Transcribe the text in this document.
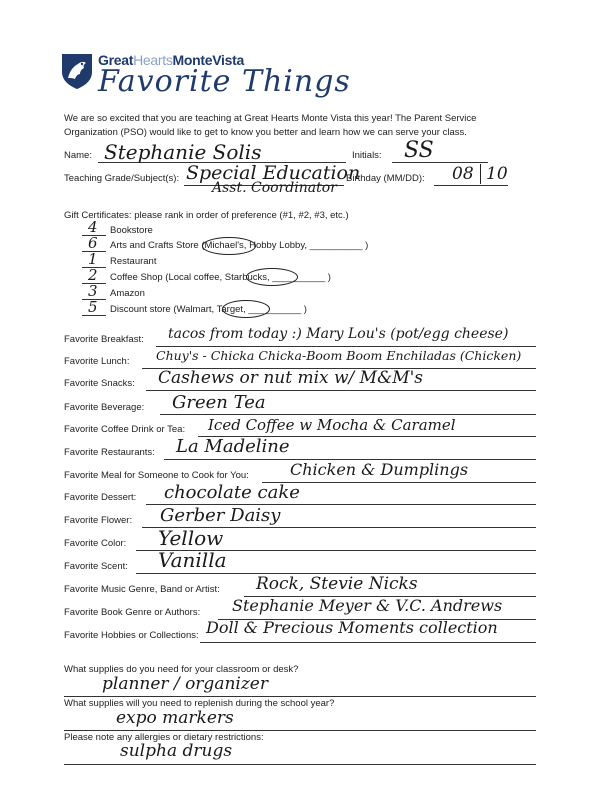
GreatHeartsMonteVista
Favorite Things
We are so excited that you are teaching at Great Hearts Monte Vista this year! The Parent Service Organization (PSO) would like to get to know you better and learn how we can serve your class.
Name: Stephanie Solis	Initials: SS
Teaching Grade/Subject(s): Special Education
Asst. Coordinator
Birthday (MM/DD): 08 10
Gift Certificates: please rank in order of preference (#1, #2, #3, etc.)
4 Bookstore
6 Arts and Crafts Store (Michael's, Hobby Lobby, __________ )
1 Restaurant
2 Coffee Shop (Local coffee, Starbucks, __________ )
3 Amazon
5 Discount store (Walmart, Target, __________ )
Favorite Breakfast: tacos from today :) Mary Lou's (pot/egg cheese)
Favorite Lunch: Chuy's - Chicka Chicka-Boom Boom Enchiladas (Chicken)
Favorite Snacks: Cashews or nut mix w/ M&M's
Favorite Beverage: Green Tea
Favorite Coffee Drink or Tea: Iced Coffee w Mocha & Caramel
Favorite Restaurants: La Madeline
Favorite Meal for Someone to Cook for You:	Chicken & Dumplings
Favorite Dessert: chocolate cake
Favorite Flower: Gerber Daisy
Favorite Color: Yellow
Favorite Scent: Vanilla
Favorite Music Genre, Band or Artist: Rock, Stevie Nicks
Favorite Book Genre or Authors: Stephanie Meyer & V.C. Andrews
Favorite Hobbies or Collections: Doll & Precious Moments collection
What supplies do you need for your classroom or desk?
planner / organizer
What supplies will you need to replenish during the school year?
expo markers
Please note any allergies or dietary restrictions:
sulpha drugs
